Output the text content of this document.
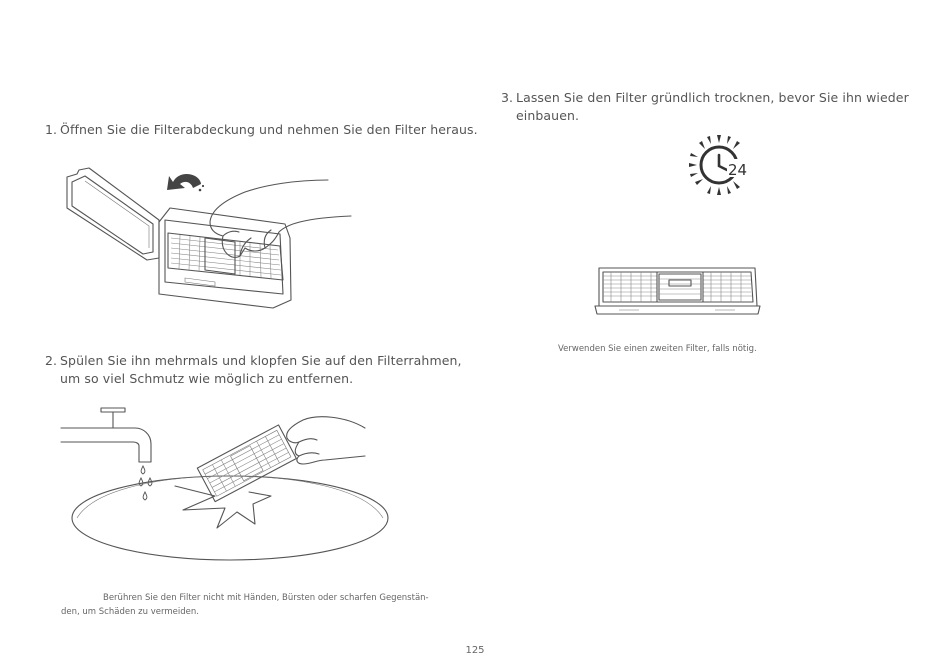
1. Öffnen Sie die Filterabdeckung und nehmen Sie den Filter heraus.
2. Spülen Sie ihn mehrmals und klopfen Sie auf den Filterrahmen,
um so viel Schmutz wie möglich zu entfernen.
Berühren Sie den Filter nicht mit Händen, Bürsten oder scharfen Gegenstän-
den, um Schäden zu vermeiden.
3. Lassen Sie den Filter gründlich trocknen, bevor Sie ihn wieder
einbauen.
24
Verwenden Sie einen zweiten Filter, falls nötig.
125
